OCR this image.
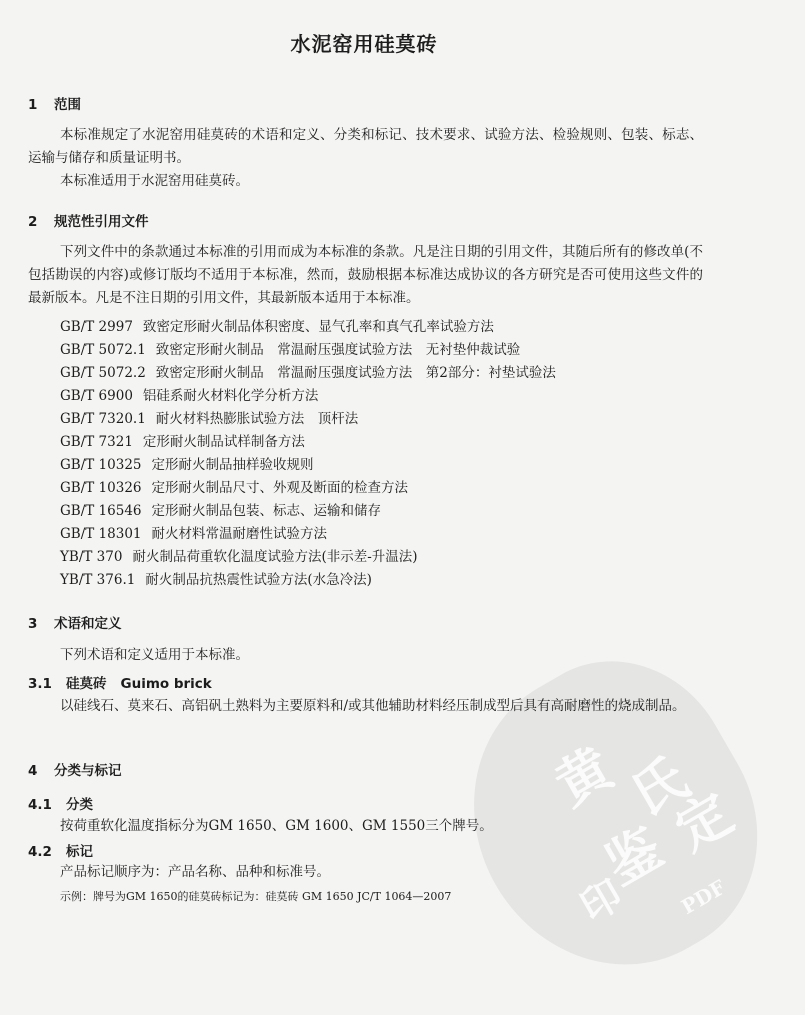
黄
氏
鉴
定
印 PDF
水泥窑用硅莫砖
1 范围
本标准规定了水泥窑用硅莫砖的术语和定义、分类和标记、技术要求、试验方法、检验规则、包装、标志、运输与储存和质量证明书。
本标准适用于水泥窑用硅莫砖。
2 规范性引用文件
下列文件中的条款通过本标准的引用而成为本标准的条款。凡是注日期的引用文件，其随后所有的修改单(不包括勘误的内容)或修订版均不适用于本标准，然而，鼓励根据本标准达成协议的各方研究是否可使用这些文件的最新版本。凡是不注日期的引用文件，其最新版本适用于本标准。
GB/T 2997 致密定形耐火制品体积密度、显气孔率和真气孔率试验方法
GB/T 5072.1 致密定形耐火制品　常温耐压强度试验方法　无衬垫仲裁试验
GB/T 5072.2 致密定形耐火制品　常温耐压强度试验方法　第2部分：衬垫试验法
GB/T 6900 铝硅系耐火材料化学分析方法
GB/T 7320.1 耐火材料热膨胀试验方法　顶杆法
GB/T 7321 定形耐火制品试样制备方法
GB/T 10325 定形耐火制品抽样验收规则
GB/T 10326 定形耐火制品尺寸、外观及断面的检查方法
GB/T 16546 定形耐火制品包装、标志、运输和储存
GB/T 18301 耐火材料常温耐磨性试验方法
YB/T 370 耐火制品荷重软化温度试验方法(非示差-升温法)
YB/T 376.1 耐火制品抗热震性试验方法(水急冷法)
3 术语和定义
下列术语和定义适用于本标准。
3.1 硅莫砖 Guimo brick
以硅线石、莫来石、高铝矾土熟料为主要原料和/或其他辅助材料经压制成型后具有高耐磨性的烧成制品。
4 分类与标记
4.1 分类
按荷重软化温度指标分为GM 1650、GM 1600、GM 1550三个牌号。
4.2 标记
产品标记顺序为：产品名称、品种和标准号。
示例：牌号为GM 1650的硅莫砖标记为：硅莫砖 GM 1650 JC/T 1064—2007
